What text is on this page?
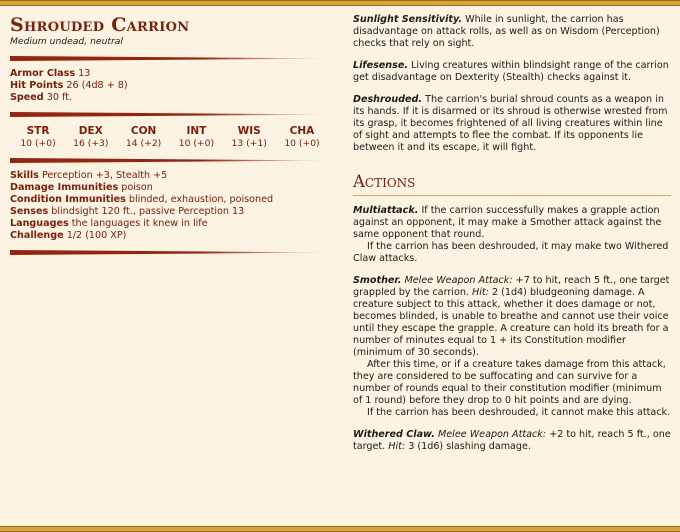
Shrouded Carrion
Medium undead, neutral
Armor Class 13
Hit Points 26 (4d8 + 8)
Speed 30 ft.
STR
10 (+0)
DEX
16 (+3)
CON
14 (+2)
INT
10 (+0)
WIS
13 (+1)
CHA
10 (+0)
Skills Perception +3, Stealth +5
Damage Immunities poison
Condition Immunities blinded, exhaustion, poisoned
Senses blindsight 120 ft., passive Perception 13
Languages the languages it knew in life
Challenge 1/2 (100 XP)
Sunlight Sensitivity. While in sunlight, the carrion has disadvantage on attack rolls, as well as on Wisdom (Perception) checks that rely on sight.
Lifesense. Living creatures within blindsight range of the carrion get disadvantage on Dexterity (Stealth) checks against it.
Deshrouded. The carrion's burial shroud counts as a weapon in its hands. If it is disarmed or its shroud is otherwise wrested from its grasp, it becomes frightened of all living creatures within line of sight and attempts to flee the combat. If its opponents lie between it and its escape, it will fight.
Actions
Multiattack. If the carrion successfully makes a grapple action against an opponent, it may make a Smother attack against the same opponent that round.
If the carrion has been deshrouded, it may make two Withered Claw attacks.
Smother. Melee Weapon Attack: +7 to hit, reach 5 ft., one target grappled by the carrion. Hit: 2 (1d4) bludgeoning damage. A creature subject to this attack, whether it does damage or not, becomes blinded, is unable to breathe and cannot use their voice until they escape the grapple. A creature can hold its breath for a number of minutes equal to 1 + its Constitution modifier (minimum of 30 seconds).
After this time, or if a creature takes damage from this attack, they are considered to be suffocating and can survive for a number of rounds equal to their constitution modifier (minimum of 1 round) before they drop to 0 hit points and are dying.
If the carrion has been deshrouded, it cannot make this attack.
Withered Claw. Melee Weapon Attack: +2 to hit, reach 5 ft., one target. Hit: 3 (1d6) slashing damage.
